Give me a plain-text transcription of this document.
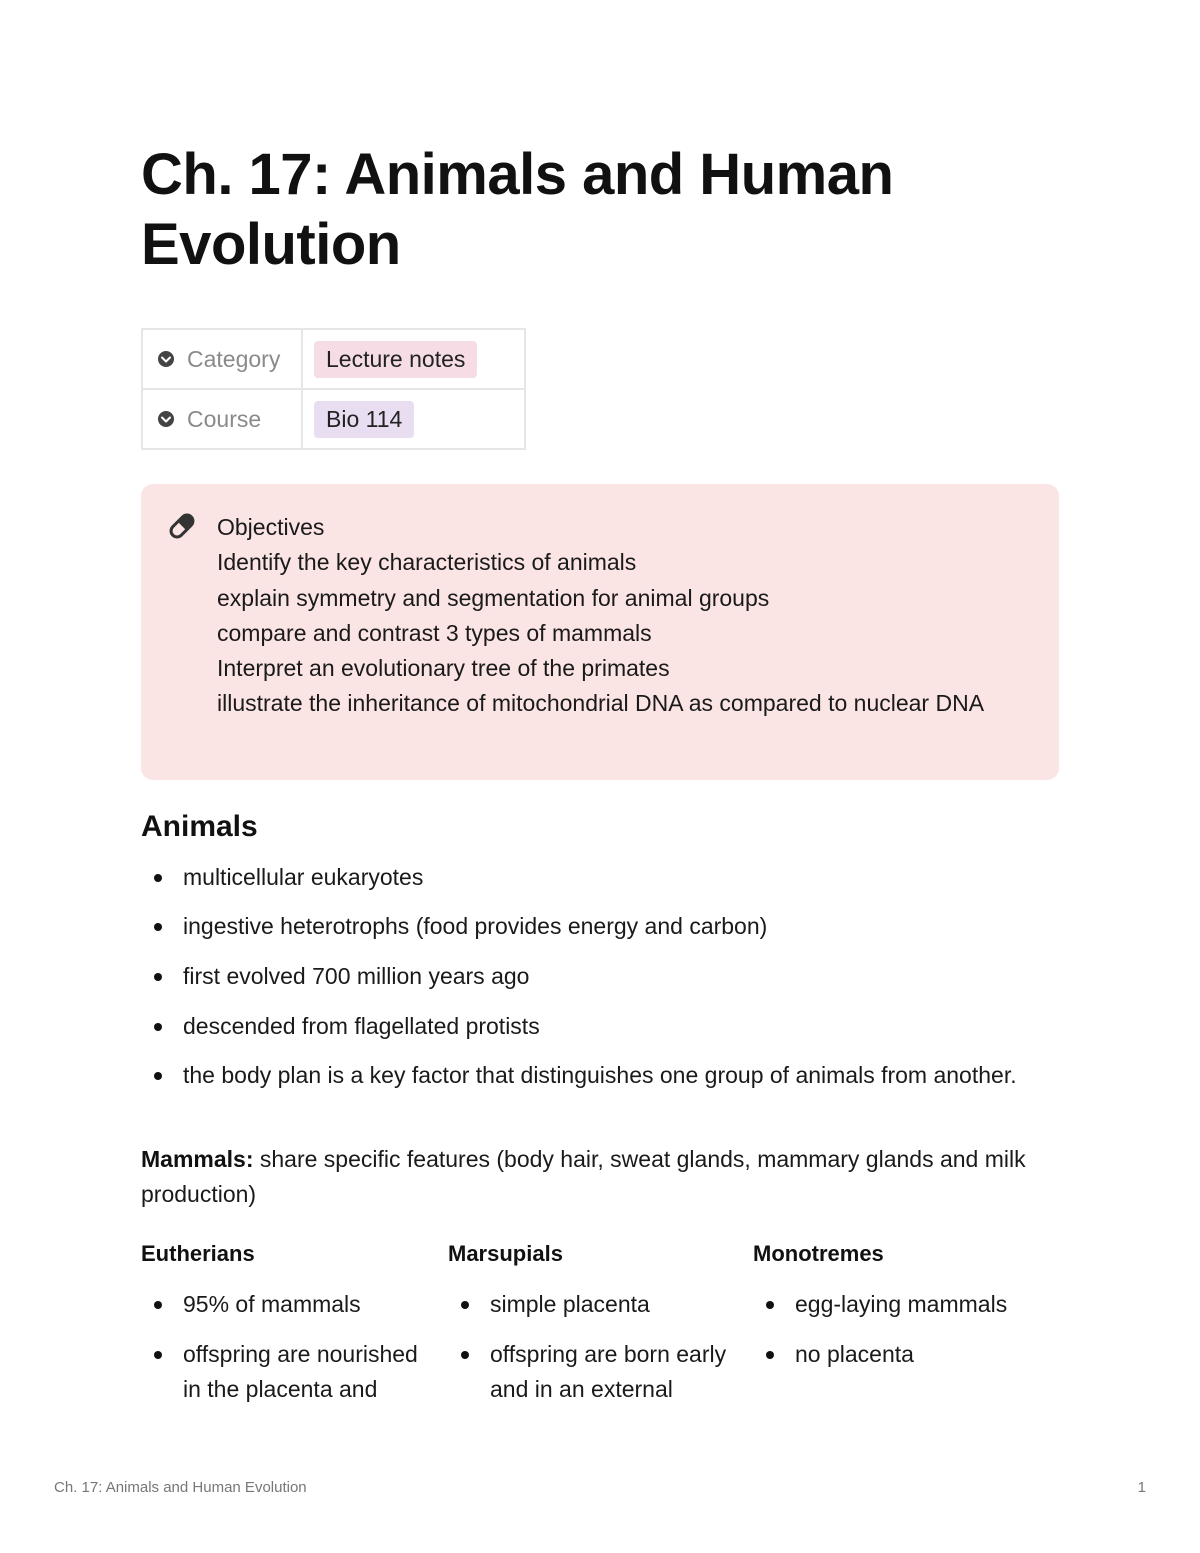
Ch. 17: Animals and Human Evolution
Category	Lecture notes

Course	Bio 114
Objectives
Identify the key characteristics of animals
explain symmetry and segmentation for animal groups
compare and contrast 3 types of mammals
Interpret an evolutionary tree of the primates
illustrate the inheritance of mitochondrial DNA as compared to nuclear DNA
Animals
multicellular eukaryotes
ingestive heterotrophs (food provides energy and carbon)
first evolved 700 million years ago
descended from flagellated protists
the body plan is a key factor that distinguishes one group of animals from another.

Mammals: share specific features (body hair, sweat glands, mammary glands and milk production)

Eutherians
95% of mammals
offspring are nourished in the placenta and
Marsupials
simple placenta
offspring are born early and in an external
Monotremes
egg-laying mammals
no placenta
Ch. 17: Animals and Human Evolution	1
